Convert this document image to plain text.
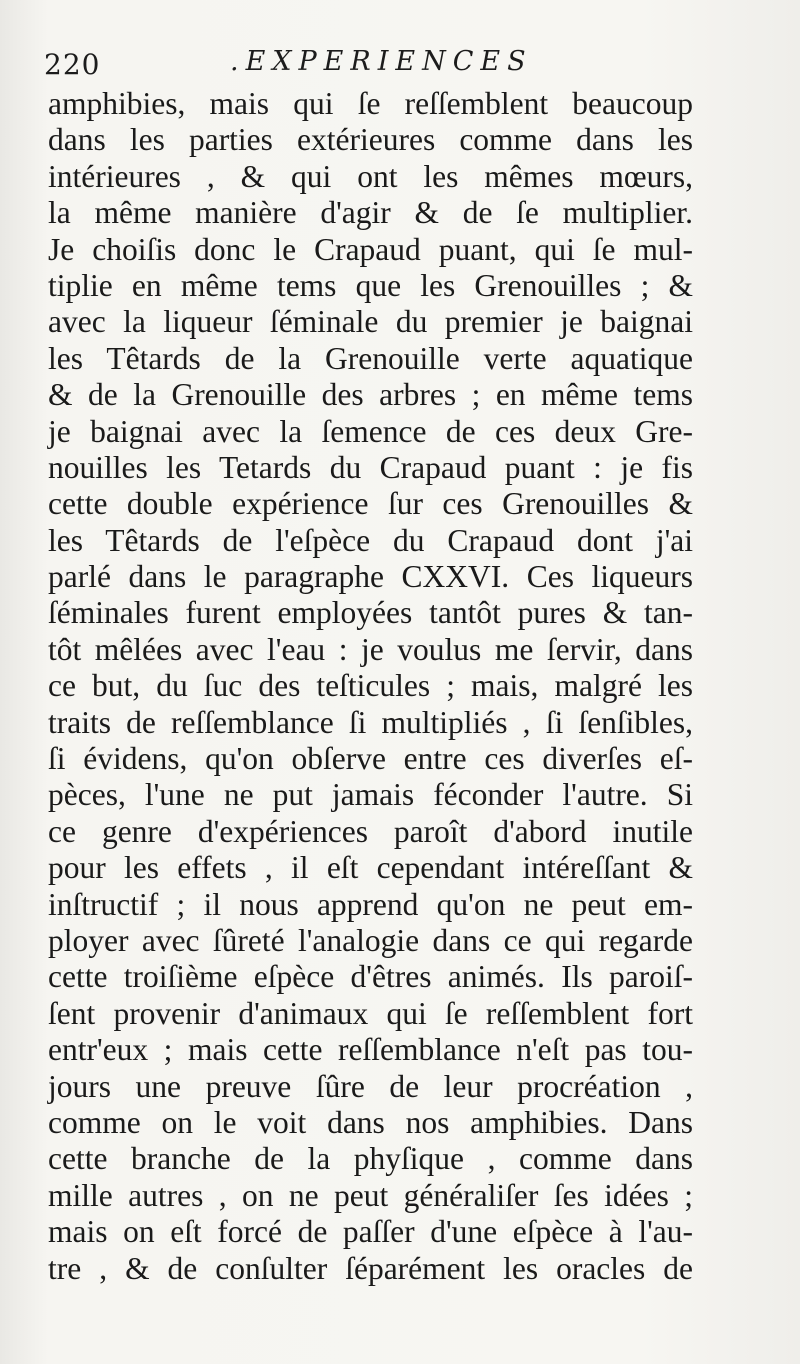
220	.EXPERIENCES
amphibies, mais qui ſe reſſemblent beaucoup
dans les parties extérieures comme dans les
intérieures , & qui ont les mêmes mœurs,
la même manière d'agir & de ſe multiplier.
Je choiſis donc le Crapaud puant, qui ſe mul-
tiplie en même tems que les Grenouilles ; &
avec la liqueur ſéminale du premier je baignai
les Têtards de la Grenouille verte aquatique
& de la Grenouille des arbres ; en même tems
je baignai avec la ſemence de ces deux Gre-
nouilles les Tetards du Crapaud puant : je fis
cette double expérience ſur ces Grenouilles &
les Têtards de l'eſpèce du Crapaud dont j'ai
parlé dans le paragraphe CXXVI. Ces liqueurs
ſéminales furent employées tantôt pures & tan-
tôt mêlées avec l'eau : je voulus me ſervir, dans
ce but, du ſuc des teſticules ; mais, malgré les
traits de reſſemblance ſi multipliés , ſi ſenſibles,
ſi évidens, qu'on obſerve entre ces diverſes eſ-
pèces, l'une ne put jamais féconder l'autre. Si
ce genre d'expériences paroît d'abord inutile
pour les effets , il eſt cependant intéreſſant &
inſtructif ; il nous apprend qu'on ne peut em-
ployer avec ſûreté l'analogie dans ce qui regarde
cette troiſième eſpèce d'êtres animés. Ils paroiſ-
ſent provenir d'animaux qui ſe reſſemblent fort
entr'eux ; mais cette reſſemblance n'eſt pas tou-
jours une preuve ſûre de leur procréation ,
comme on le voit dans nos amphibies. Dans
cette branche de la phyſique , comme dans
mille autres , on ne peut généraliſer ſes idées ;
mais on eſt forcé de paſſer d'une eſpèce à l'au-
tre , & de conſulter ſéparément les oracles de
